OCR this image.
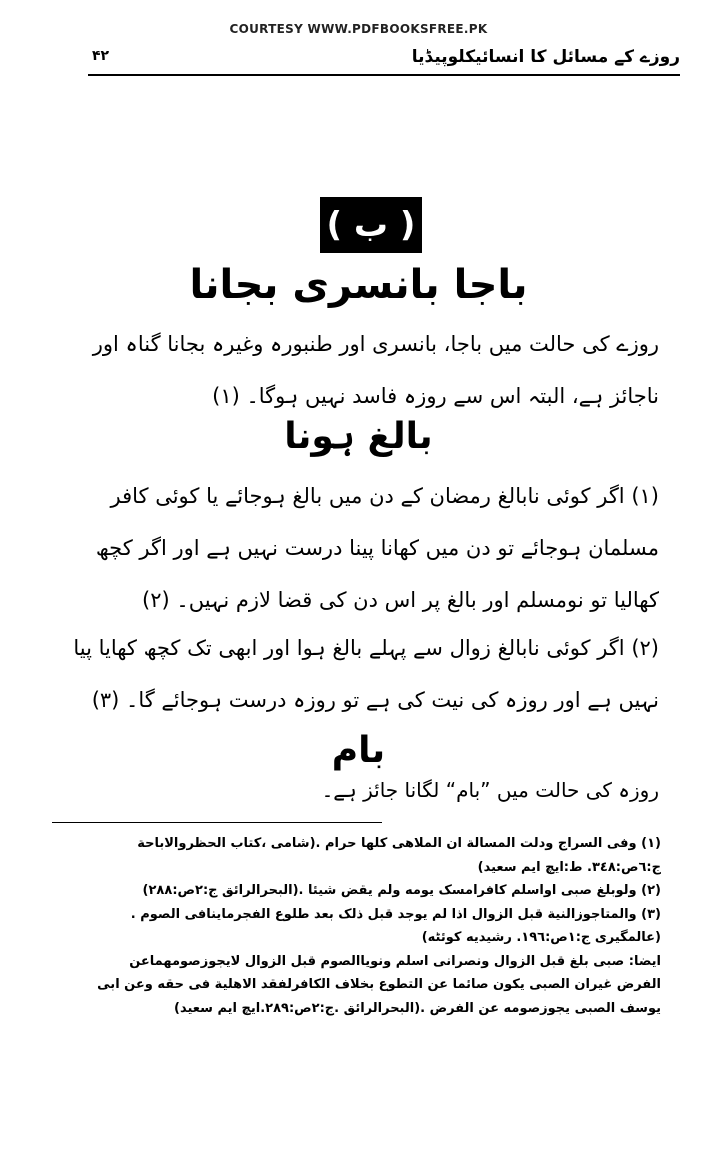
COURTESY WWW.PDFBOOKSFREE.PK
روزے کے مسائل کا انسائیکلوپیڈیا
۴۲
( ب )
باجا بانسری بجانا
روزے کی حالت میں باجا، بانسری اور طنبورہ وغیرہ بجانا گناہ اور ناجائز ہے، البتہ اس سے روزہ فاسد نہیں ہوگا۔ (۱)
بالغ ہونا
(۱) اگر کوئی نابالغ رمضان کے دن میں بالغ ہوجائے یا کوئی کافر مسلمان ہوجائے تو دن میں کھانا پینا درست نہیں ہے اور اگر کچھ کھالیا تو نومسلم اور بالغ پر اس دن کی قضا لازم نہیں۔ (۲)
(۲) اگر کوئی نابالغ زوال سے پہلے بالغ ہوا اور ابھی تک کچھ کھایا پیا نہیں ہے اور روزہ کی نیت کی ہے تو روزہ درست ہوجائے گا۔ (۳)
بام
روزہ کی حالت میں ”بام“ لگانا جائز ہے۔
(۱) وفی السراج ودلت المسالة ان الملاهی کلها حرام .(شامی ،کتاب الحظروالاباحة
ج:٦ص:٣٤٨. ط:ایچ ایم سعید)
(۲) ولوبلغ صبی اواسلم کافرامسک یومه ولم یقض شیئا .(البحرالرائق ج:۲ص:۲۸۸)
(۳) والمتاجوزالنیة قبل الزوال اذا لم یوجد قبل ذلک بعد طلوع الفجرماینافی الصوم .
(عالمگیری ج:۱ص:۱۹٦. رشیدیه کوئٹه)
ایضا: صبی بلغ قبل الزوال ونصرانی اسلم ونویاالصوم قبل الزوال لایجوزصومهماعن
الفرض غیران الصبی یکون صائما عن التطوع بخلاف الکافرلفقد الاهلیة فی حقه وعن ابی
یوسف الصبی یجوزصومه عن الفرض .(البحرالرائق .ج:۲ص:٢٨٩.ایچ ایم سعید)
